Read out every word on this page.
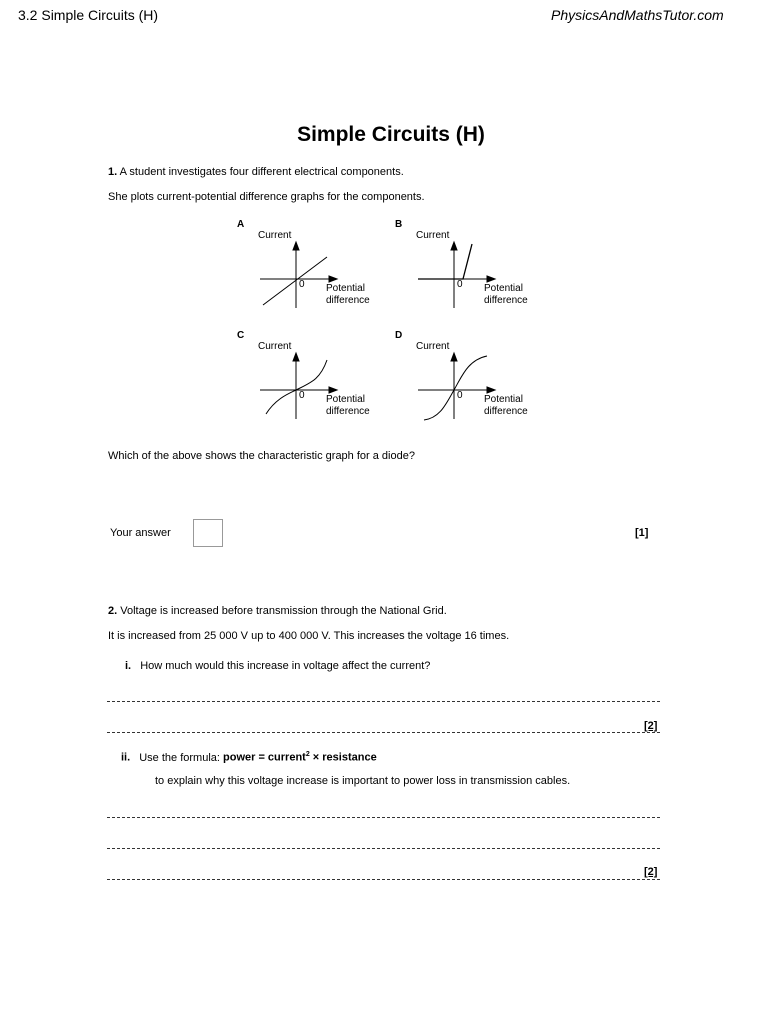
3.2 Simple Circuits (H)	PhysicsAndMathsTutor.com
Simple Circuits (H)
1. A student investigates four different electrical components.
She plots current-potential difference graphs for the components.
A
Current
0 Potential
difference
B
Current
0 Potential
difference
C
Current
0 Potential
difference
D
Current
0 Potential
difference
Which of the above shows the characteristic graph for a diode?
Your answer	[1]
2. Voltage is increased before transmission through the National Grid.
It is increased from 25 000 V up to 400 000 V. This increases the voltage 16 times.
i. How much would this increase in voltage affect the current?
[2]
ii. Use the formula: power = current$^2$ × resistance
to explain why this voltage increase is important to power loss in transmission cables.
[2]
